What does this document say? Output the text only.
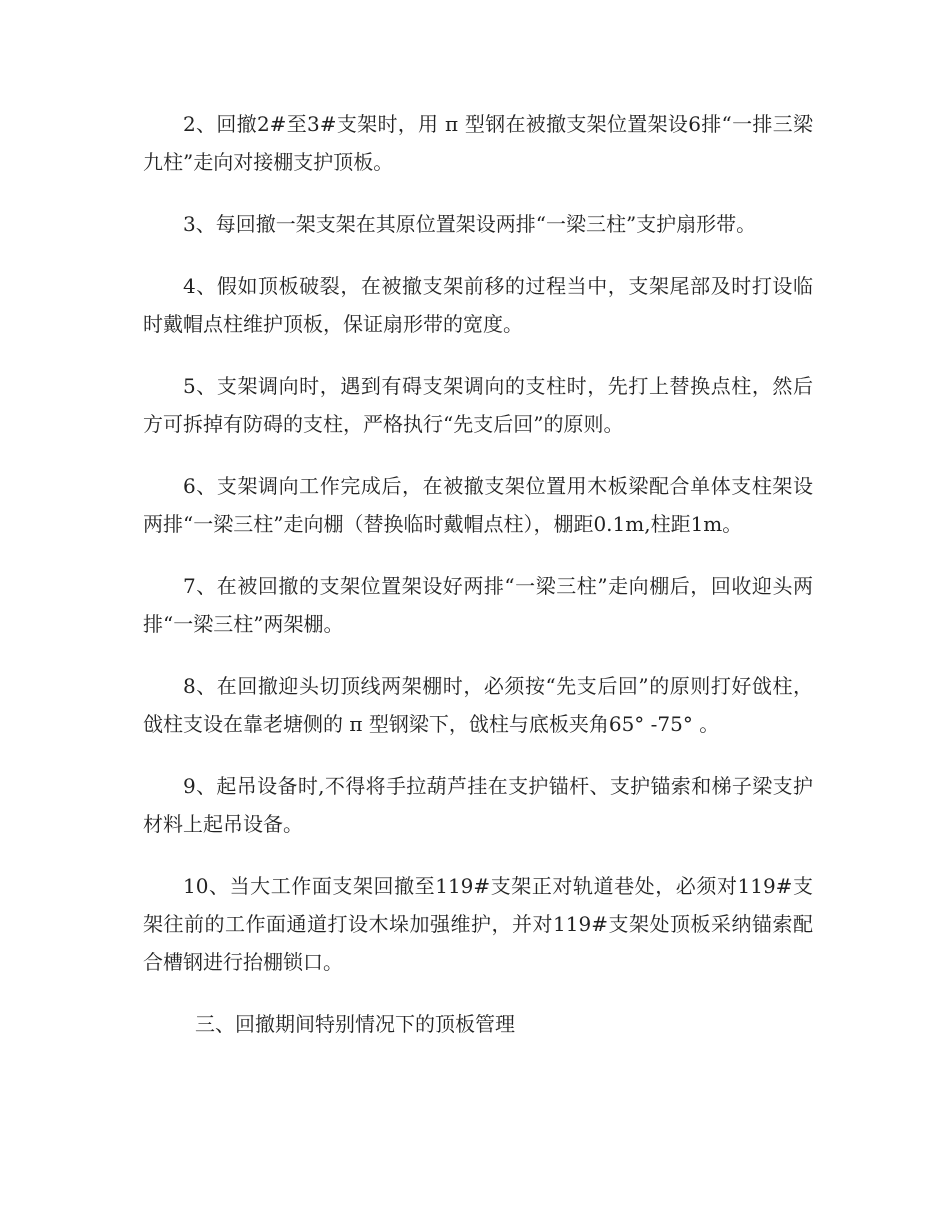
2、回撤2#至3#支架时，用 π 型钢在被撤支架位置架设6排“一排三梁九柱”走向对接棚支护顶板。

3、每回撤一架支架在其原位置架设两排“一梁三柱”支护扇形带。

4、假如顶板破裂，在被撤支架前移的过程当中，支架尾部及时打设临时戴帽点柱维护顶板，保证扇形带的宽度。

5、支架调向时，遇到有碍支架调向的支柱时，先打上替换点柱，然后方可拆掉有防碍的支柱，严格执行“先支后回”的原则。

6、支架调向工作完成后，在被撤支架位置用木板梁配合单体支柱架设两排“一梁三柱”走向棚（替换临时戴帽点柱），棚距0.1m,柱距1m。

7、在被回撤的支架位置架设好两排“一梁三柱”走向棚后，回收迎头两排“一梁三柱”两架棚。

8、在回撤迎头切顶线两架棚时，必须按“先支后回”的原则打好戗柱，戗柱支设在靠老塘侧的 π 型钢梁下，戗柱与底板夹角65° -75° 。

9、起吊设备时,不得将手拉葫芦挂在支护锚杆、支护锚索和梯子梁支护材料上起吊设备。

10、当大工作面支架回撤至119#支架正对轨道巷处，必须对119#支架往前的工作面通道打设木垛加强维护，并对119#支架处顶板采纳锚索配合槽钢进行抬棚锁口。

三、回撤期间特别情况下的顶板管理
